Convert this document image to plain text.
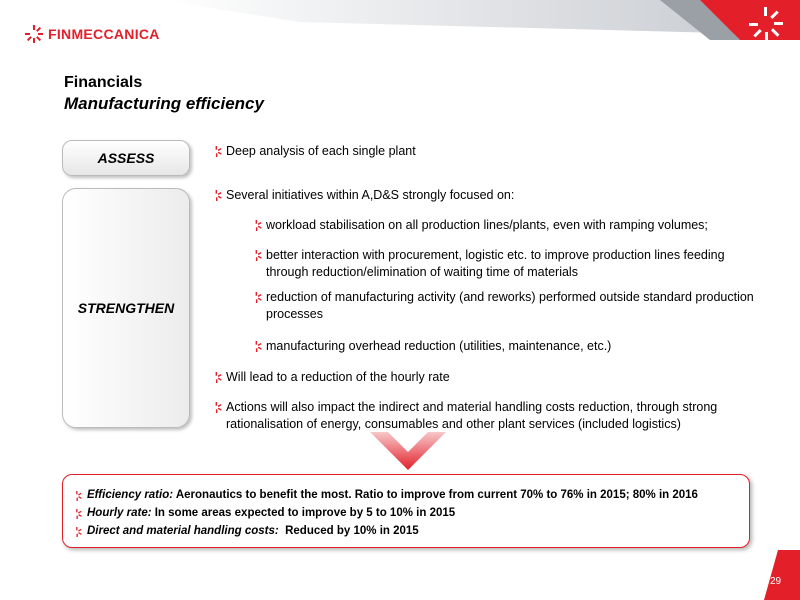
FINMECCANICA
Financials
Manufacturing efficiency
ASSESS
STRENGTHEN
Deep analysis of each single plant
Several initiatives within A,D&S strongly focused on:
workload stabilisation on all production lines/plants, even with ramping volumes;
better interaction with procurement, logistic etc. to improve production lines feeding through reduction/elimination of waiting time of materials
reduction of manufacturing activity (and reworks) performed outside standard production processes
manufacturing overhead reduction (utilities, maintenance, etc.)
Will lead to a reduction of the hourly rate
Actions will also impact the indirect and material handling costs reduction, through strong rationalisation of energy, consumables and other plant services (included logistics)
Efficiency ratio: Aeronautics to benefit the most. Ratio to improve from current 70% to 76% in 2015; 80% in 2016
Hourly rate: In some areas expected to improve by 5 to 10% in 2015
Direct and material handling costs:  Reduced by 10% in 2015
29
